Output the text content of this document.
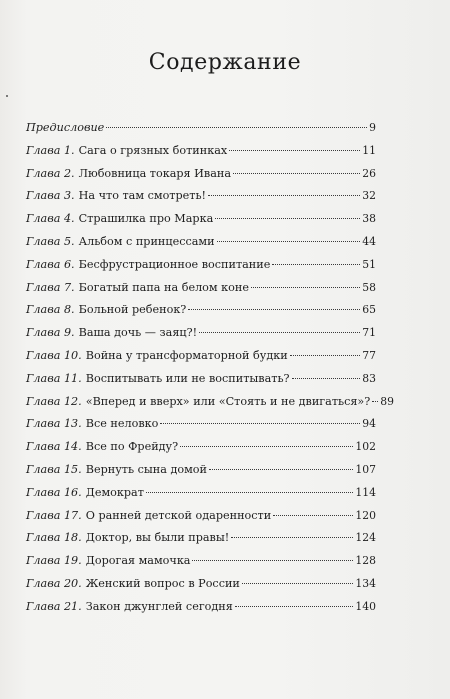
Содержание
Предисловие	9
Глава 1. Сага о грязных ботинках	11
Глава 2. Любовница токаря Ивана	26
Глава 3. На что там смотреть!	32
Глава 4. Страшилка про Марка	38
Глава 5. Альбом с принцессами	44
Глава 6. Бесфрустрационное воспитание	51
Глава 7. Богатый папа на белом коне	58
Глава 8. Больной ребенок?	65
Глава 9. Ваша дочь — заяц?!	71
Глава 10. Война у трансформаторной будки	77
Глава 11. Воспитывать или не воспитывать?	83
Глава 12. «Вперед и вверх» или «Стоять и не двигаться»? 89
Глава 13. Все неловко	94
Глава 14. Все по Фрейду?	102
Глава 15. Вернуть сына домой	107
Глава 16. Демократ	114
Глава 17. О ранней детской одаренности	120
Глава 18. Доктор, вы были правы!	124
Глава 19. Дорогая мамочка	128
Глава 20. Женский вопрос в России	134
Глава 21. Закон джунглей сегодня	140
